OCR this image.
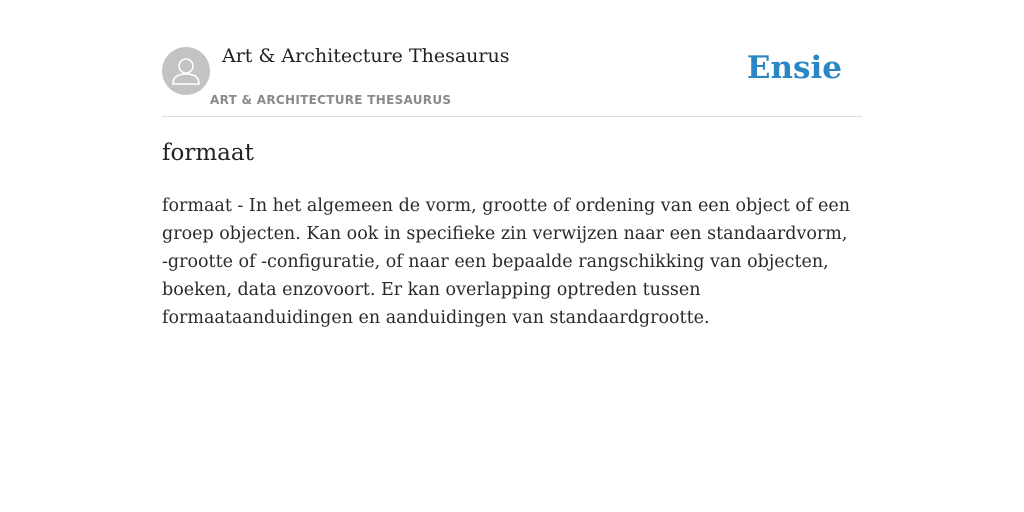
Art & Architecture Thesaurus
ART & ARCHITECTURE THESAURUS
Ensie
formaat

formaat - In het algemeen de vorm, grootte of ordening van een object of een groep objecten. Kan ook in specifieke zin verwijzen naar een standaardvorm, -grootte of -configuratie, of naar een bepaalde rangschikking van objecten, boeken, data enzovoort. Er kan overlapping optreden tussen formaataanduidingen en aanduidingen van standaardgrootte.
